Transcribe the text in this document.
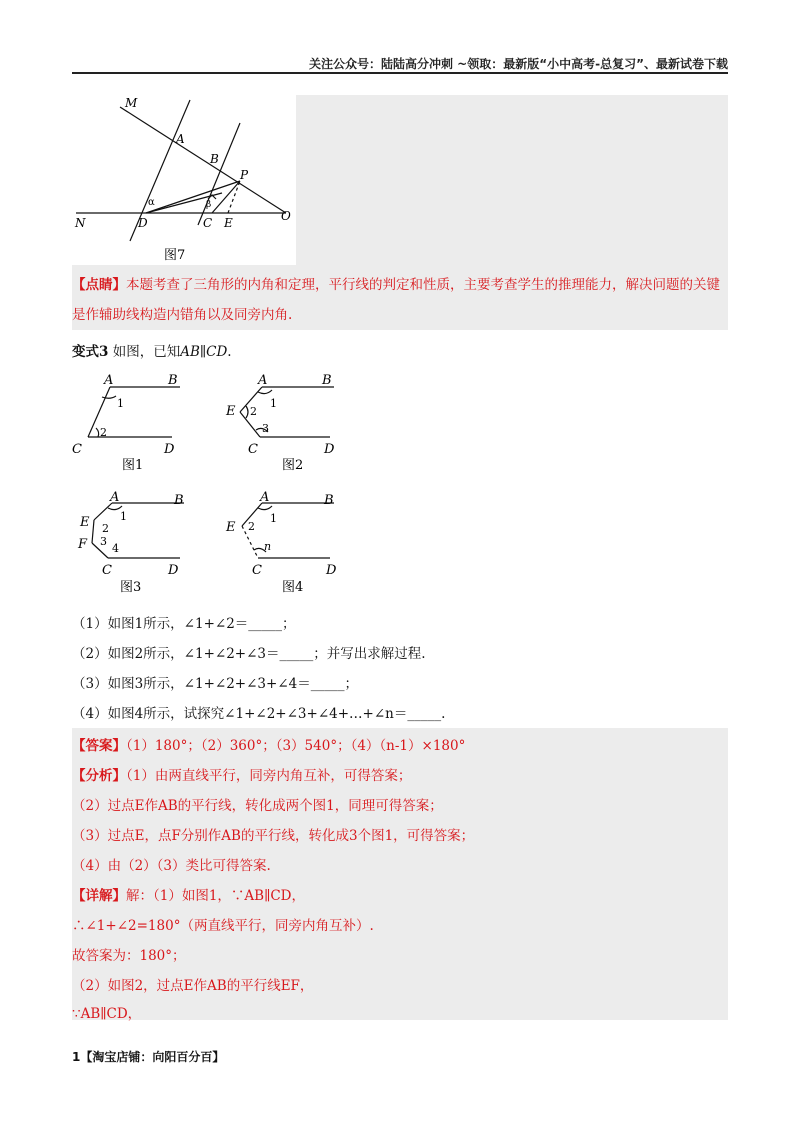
关注公众号：陆陆高分冲刺 ~领取：最新版“小中高考-总复习”、最新试卷下载
M
A
B
P
O
N	D	C E
α	β
图7
【点睛】本题考查了三角形的内角和定理，平行线的判定和性质，主要考查学生的推理能力，解决问题的关键是作辅助线构造内错角以及同旁内角.
变式3 如图，已知AB∥CD.
A	B
C	D
1
2
图1
A	B
E
C	D
1
2
3
图2
A	B
E
F
C	D
1
2
3
4
图3
A	B
E
C	D
1
2
n
图4
（1）如图1所示，∠1+∠2＝_____；
（2）如图2所示，∠1+∠2+∠3＝_____；并写出求解过程.
（3）如图3所示，∠1+∠2+∠3+∠4＝_____；
（4）如图4所示，试探究∠1+∠2+∠3+∠4+…+∠n＝_____.
【答案】（1）180°；（2）360°；（3）540°；（4）（n-1）×180°
【分析】（1）由两直线平行，同旁内角互补，可得答案；
（2）过点E作AB的平行线，转化成两个图1，同理可得答案；
（3）过点E，点F分别作AB的平行线，转化成3个图1，可得答案；
（4）由（2）（3）类比可得答案.
【详解】解：（1）如图1，∵AB∥CD，
∴∠1+∠2=180°（两直线平行，同旁内角互补）.
故答案为：180°；
（2）如图2，过点E作AB的平行线EF，
∵AB∥CD，
1【淘宝店铺：向阳百分百】
